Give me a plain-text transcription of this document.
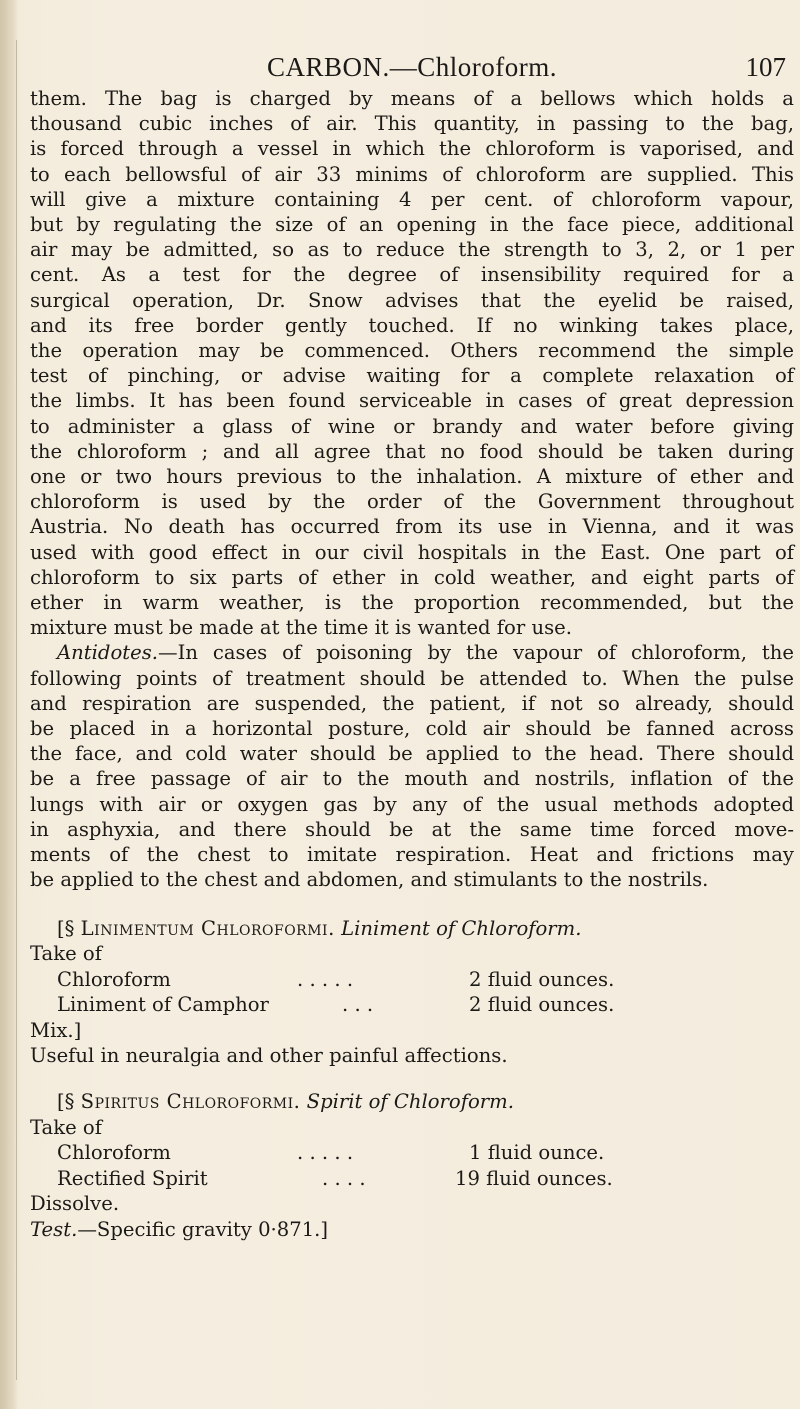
CARBON.—Chloroform.	107
them. The bag is charged by means of a bellows which holds a
thousand cubic inches of air. This quantity, in passing to the bag,
is forced through a vessel in which the chloroform is vaporised, and
to each bellowsful of air 33 minims of chloroform are supplied. This
will give a mixture containing 4 per cent. of chloroform vapour,
but by regulating the size of an opening in the face piece, additional
air may be admitted, so as to reduce the strength to 3, 2, or 1 per
cent. As a test for the degree of insensibility required for a
surgical operation, Dr. Snow advises that the eyelid be raised,
and its free border gently touched. If no winking takes place,
the operation may be commenced. Others recommend the simple
test of pinching, or advise waiting for a complete relaxation of
the limbs. It has been found serviceable in cases of great depression
to administer a glass of wine or brandy and water before giving
the chloroform ; and all agree that no food should be taken during
one or two hours previous to the inhalation. A mixture of ether and
chloroform is used by the order of the Government throughout
Austria. No death has occurred from its use in Vienna, and it was
used with good effect in our civil hospitals in the East. One part of
chloroform to six parts of ether in cold weather, and eight parts of
ether in warm weather, is the proportion recommended, but the
mixture must be made at the time it is wanted for use.
Antidotes.—In cases of poisoning by the vapour of chloroform, the
following points of treatment should be attended to. When the pulse
and respiration are suspended, the patient, if not so already, should
be placed in a horizontal posture, cold air should be fanned across
the face, and cold water should be applied to the head. There should
be a free passage of air to the mouth and nostrils, inflation of the
lungs with air or oxygen gas by any of the usual methods adopted
in asphyxia, and there should be at the same time forced move-
ments of the chest to imitate respiration. Heat and frictions may
be applied to the chest and abdomen, and stimulants to the nostrils.
[§ Linimentum Chloroformi. Liniment of Chloroform.
Take of
Chloroform	. . . . .	2 fluid ounces.
Liniment of Camphor	. . .	2 fluid ounces.
Mix.]
Useful in neuralgia and other painful affections.
[§ Spiritus Chloroformi. Spirit of Chloroform.
Take of
Chloroform	. . . . .	1 fluid ounce.
Rectified Spirit	. . . .	19 fluid ounces.
Dissolve.
Test.—Specific gravity 0·871.]
